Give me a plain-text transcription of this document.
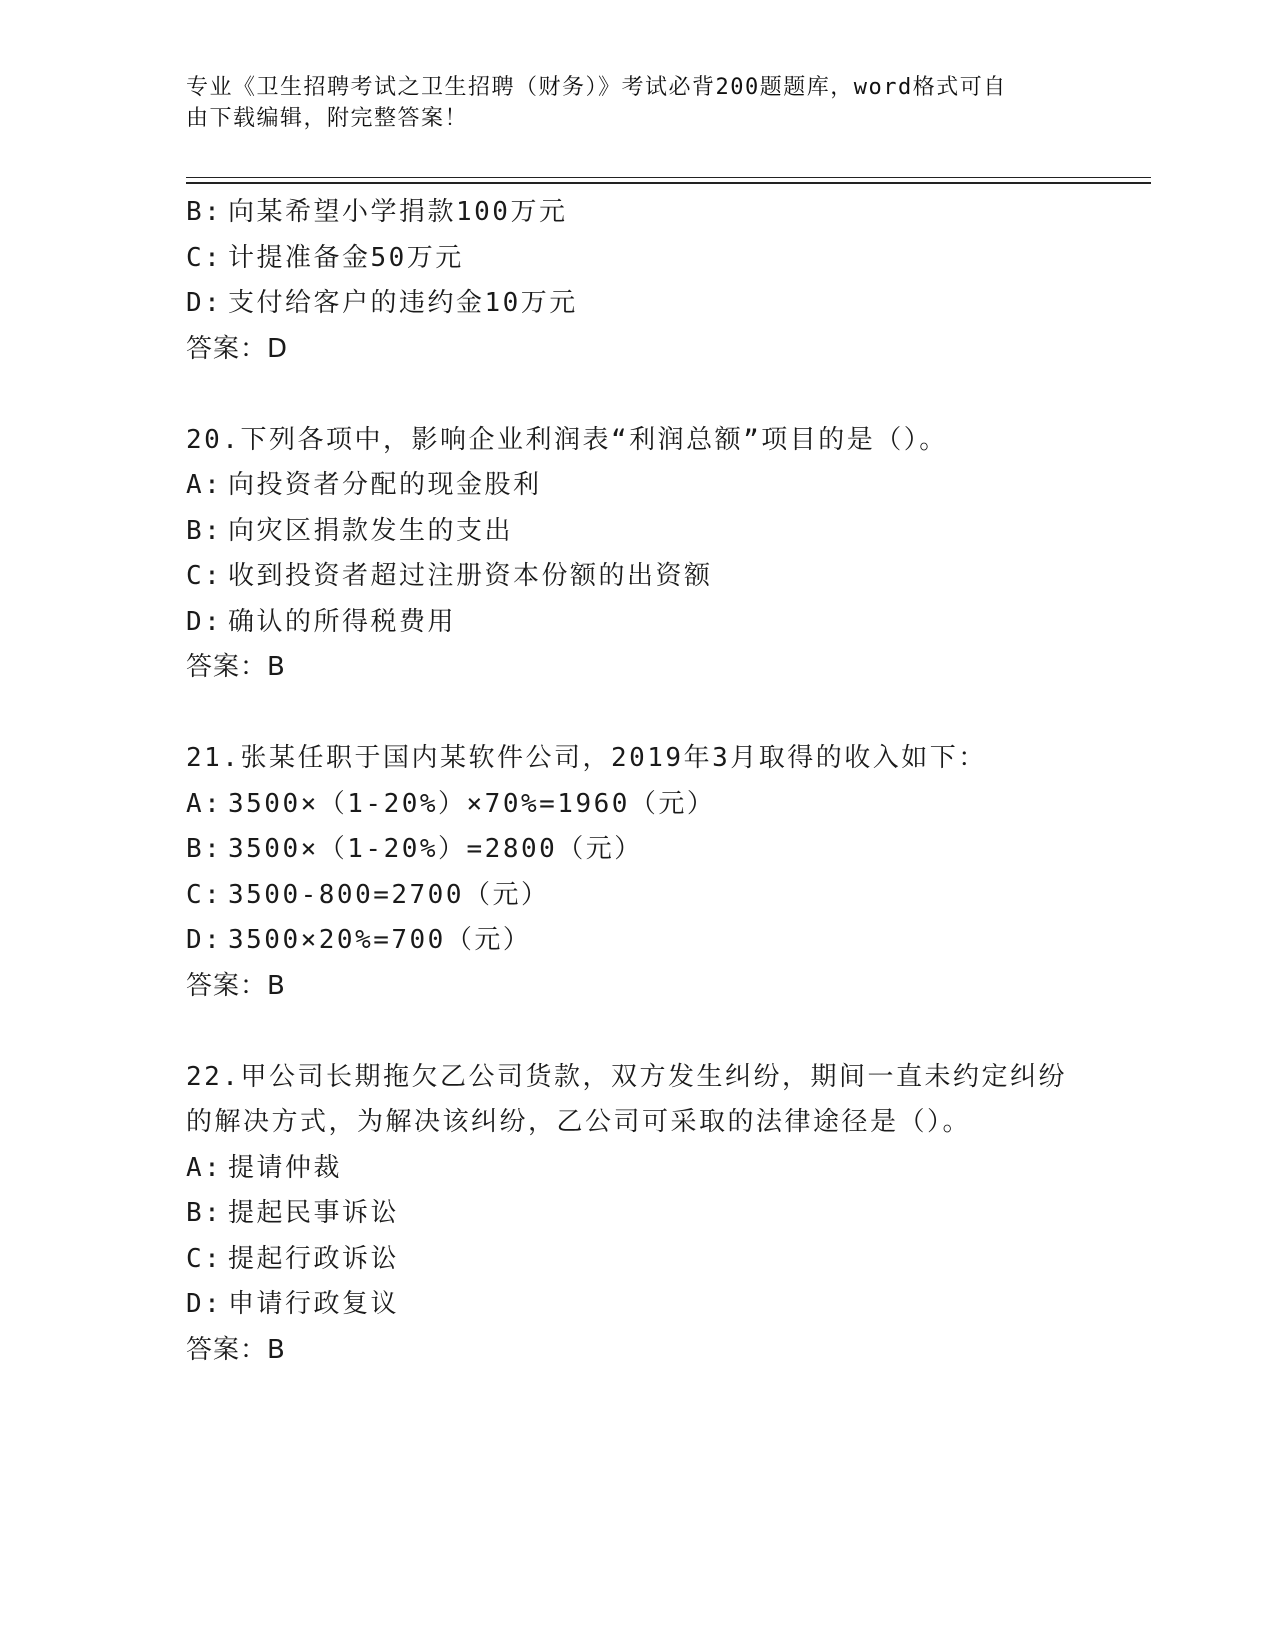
专业《卫生招聘考试之卫生招聘（财务）》考试必背200题题库，word格式可自
由下载编辑，附完整答案！
B: 向某希望小学捐款100万元
C: 计提准备金50万元
D: 支付给客户的违约金10万元
答案：D
20.下列各项中，影响企业利润表“利润总额”项目的是（）。
A: 向投资者分配的现金股利
B: 向灾区捐款发生的支出
C: 收到投资者超过注册资本份额的出资额
D: 确认的所得税费用
答案：B
21.张某任职于国内某软件公司，2019年3月取得的收入如下：
A: 3500×（1-20%）×70%=1960（元）
B: 3500×（1-20%）=2800（元）
C: 3500-800=2700（元）
D: 3500×20%=700（元）
答案：B
22.甲公司长期拖欠乙公司货款，双方发生纠纷，期间一直未约定纠纷
的解决方式，为解决该纠纷，乙公司可采取的法律途径是（）。
A: 提请仲裁
B: 提起民事诉讼
C: 提起行政诉讼
D: 申请行政复议
答案：B
